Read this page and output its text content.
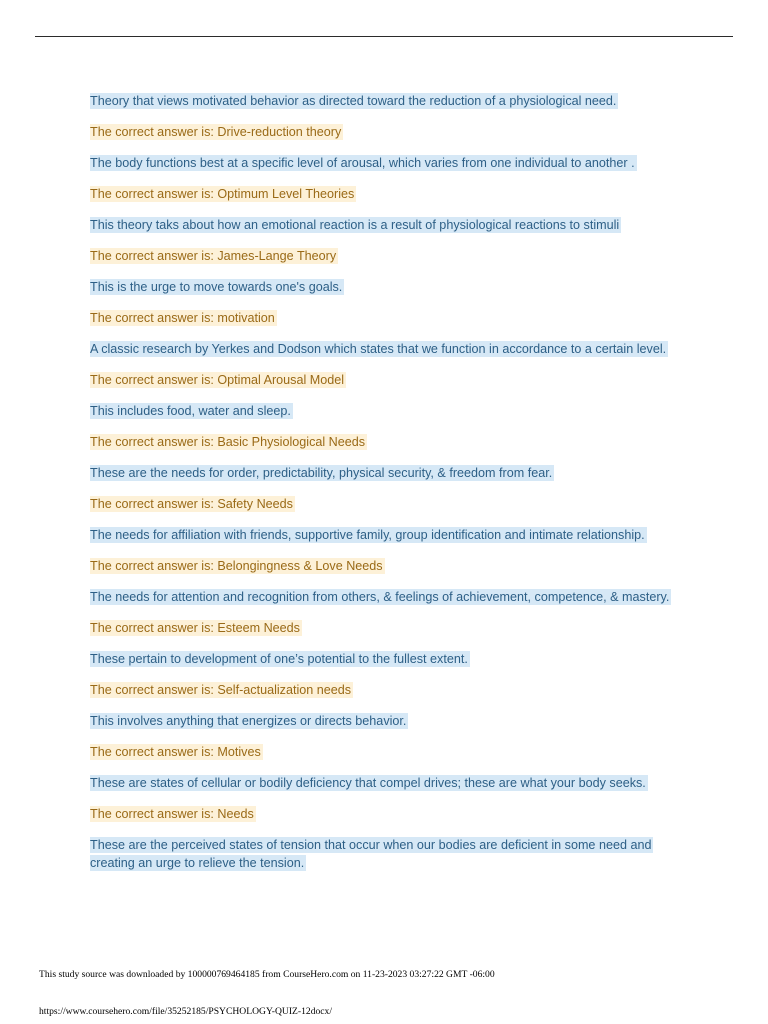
Theory that views motivated behavior as directed toward the reduction of a physiological need.
The correct answer is: Drive-reduction theory
The body functions best at a specific level of arousal, which varies from one individual to another .
The correct answer is: Optimum Level Theories
This theory taks about how an emotional reaction is a result of physiological reactions to stimuli
The correct answer is: James-Lange Theory
This is the urge to move towards one's goals.
The correct answer is: motivation
A classic research by Yerkes and Dodson which states that we function in accordance to a certain level.
The correct answer is: Optimal Arousal Model
This includes food, water and sleep.
The correct answer is: Basic Physiological Needs
These are the needs for order, predictability, physical security, & freedom from fear.
The correct answer is: Safety Needs
The needs for affiliation with friends, supportive family, group identification and intimate relationship.
The correct answer is: Belongingness & Love Needs
The needs for attention and recognition from others, & feelings of achievement, competence, & mastery.
The correct answer is: Esteem Needs
These pertain to development of one’s potential to the fullest extent.
The correct answer is: Self-actualization needs
This involves anything that energizes or directs behavior.
The correct answer is: Motives
These are states of cellular or bodily deficiency that compel drives; these are what your body seeks.
The correct answer is: Needs
These are the perceived states of tension that occur when our bodies are deficient in some need and creating an urge to relieve the tension.
This study source was downloaded by 100000769464185 from CourseHero.com on 11-23-2023 03:27:22 GMT -06:00
https://www.coursehero.com/file/35252185/PSYCHOLOGY-QUIZ-12docx/
